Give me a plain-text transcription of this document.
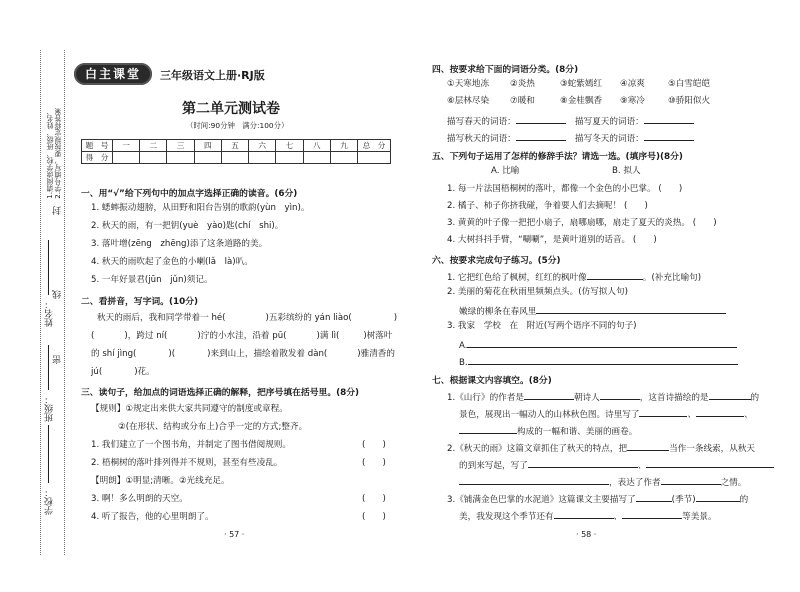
1.请阅读学校、班级、姓名、 2.学号填写，要按规定将答案
封
姓名：
线
密
班级：
学校：
白主课堂	三年级语文上册·RJ版
第二单元测试卷
（时间:90分钟　满分:100分）
题　号	一	二	三	四	五	六	七	八	九	总　分
得　分										
一、用“√”给下列句中的加点字选择正确的读音。(6分)
1. 蟋蟀振动翅膀，从田野和阳台告别的歌韵(yùn　yìn)。
2. 秋天的雨，有一把钥(yuè　yào)匙(chí　shi)。
3. 落叶增(zēng　zhēng)添了这条道路的美。
4. 秋天的雨吹起了金色的小喇(lǎ　là)叭。
5. 一年好景君(jūn　jǔn)须记。
二、看拼音，写字词。(10分)
秋天的雨后，我和同学带着一 hé(	)五彩缤纷的 yán liào(	)
(	)，跨过 ní(	)泞的小水洼，沿着 pū(	)满 lì(	)树落叶
的 shí jìng(	)(	)来到山上，描绘着散发着 dàn(	)雅清香的
jú(	)花。
三、读句子，给加点的词语选择正确的解释，把序号填在括号里。(8分)
【规则】①规定出来供大家共同遵守的制度或章程。
②(在形状、结构或分布上)合乎一定的方式;整齐。
1. 我们建立了一个图书角，并制定了图书借阅规则。	(　　)
2. 梧桐树的落叶排列得并不规则，甚至有些凌乱。	(　　)
【明朗】①明显;清晰。②光线充足。
3. 啊！多么明朗的天空。	(　　)
4. 听了报告，他的心里明朗了。	(　　)
· 57 ·
四、按要求给下面的词语分类。(8分)
①天寒地冻 ②炎热	③蛇紫嫣红 ④凉爽	⑤白雪皑皑
⑥层林尽染 ⑦暖和	⑧金桂飘香 ⑨寒冷	⑩骄阳似火
描写春天的词语：	描写夏天的词语：
描写秋天的词语：	描写冬天的词语：
五、下列句子运用了怎样的修辞手法？请选一选。(填序号)(8分)
A. 比喻	B. 拟人
1. 每一片法国梧桐树的落叶，都像一个金色的小巴掌。 (　　)
2. 橘子、柿子你挤我碰，争着要人们去摘呢！ (　　)
3. 黄黄的叶子像一把把小扇子，扇哪扇哪，扇走了夏天的炎热。 (　　)
4. 大树抖抖手臂，“唰唰”，是黄叶道别的话音。 (　　)
六、按要求完成句子练习。(5分)
1. 它把红色给了枫树，红红的枫叶像	。(补充比喻句)
2. 美丽的菊花在秋雨里频频点头。(仿写拟人句)
嫩绿的柳条在春风里
3. 我家　学校　在　附近(写两个语序不同的句子)
A.
B.
七、根据课文内容填空。(8分)
1.《山行》的作者是	朝诗人	，这首诗描绘的是	的
景色，展现出一幅动人的山林秋色图。诗里写了	、	、
构成的一幅和谐、美丽的画卷。
2.《秋天的雨》这篇文章抓住了秋天的特点，把	当作一条线索，从秋天
的到来写起，写了	、
，表达了作者	之情。
3.《铺满金色巴掌的水泥道》这篇课文主要描写了	(季节)	的
美，我发现这个季节还有	、	等美景。
· 58 ·
